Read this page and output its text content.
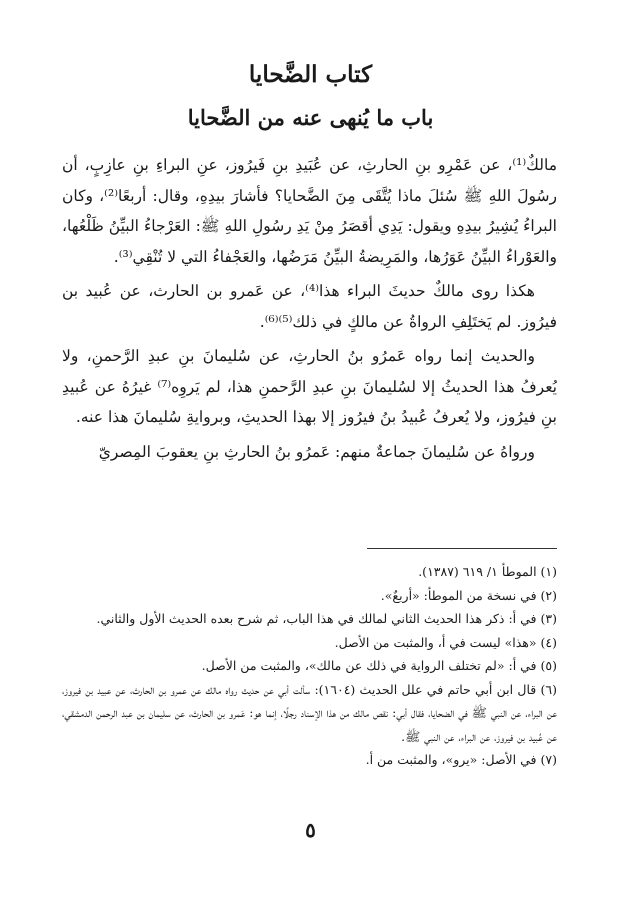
كتاب الضَّحايا
باب ما يُنهى عنه من الضَّحايا

مالكٌ⁽¹⁾، عن عَمْرِو بنِ الحارثِ، عن عُبَيدِ بنِ فَيرُوز، عنِ البراءِ بنِ عازِبٍ، أن رسُولَ اللهِ ﷺ سُئلَ ماذا يُتَّقَى مِنَ الضَّحايا؟ فأشارَ بيدِهِ، وقال: أربعًا⁽²⁾، وكان البراءُ يُشِيرُ بيدِهِ ويقول: يَدِي أقصَرُ مِنْ يَدِ رسُولِ اللهِ ﷺ: العَرْجاءُ البيِّنُ ظَلْعُها، والعَوْراءُ البيِّنُ عَوَرُها، والمَرِيضةُ البيِّنُ مَرَضُها، والعَجْفاءُ التي لا تُنْقِي⁽³⁾.

هكذا روى مالكٌ حديثَ البراء هذا⁽⁴⁾، عن عَمرو بن الحارث، عن عُبيد بن فيرُوز. لم يَختَلِفِ الرواةُ عن مالكٍ في ذلك⁽⁵⁾⁽⁶⁾.

والحديث إنما رواه عَمرُو بنُ الحارثِ، عن سُليمانَ بنِ عبدِ الرَّحمنِ، ولا يُعرفُ هذا الحديثُ إلا لسُليمانَ بنِ عبدِ الرَّحمنِ هذا، لم يَروِه⁽⁷⁾ غيرُهُ عن عُبيدِ بنِ فيرُوز، ولا يُعرفُ عُبيدُ بنُ فيرُوز إلا بهذا الحديثِ، وبروايةِ سُليمانَ هذا عنه.

ورواهُ عن سُليمانَ جماعةٌ منهم: عَمرُو بنُ الحارثِ بنِ يعقوبَ المِصريّ

(١) الموطأ ١/ ٦١٩ (١٣٨٧).
(٢) في نسخة من الموطأ: «أربعٌ».
(٣) في أ: ذكر هذا الحديث الثاني لمالك في هذا الباب، ثم شرح بعده الحديث الأول والثاني.
(٤) «هذا» ليست في أ، والمثبت من الأصل.
(٥) في أ: «لم تختلف الرواية في ذلك عن مالك»، والمثبت من الأصل.
(٦) قال ابن أبي حاتم في علل الحديث (١٦٠٤): سألت أبي عن حديث رواه مالك عن عمرو بن الحارث، عن عبيد بن فيروز، عن البراء، عن النبي ﷺ في الضحايا، فقال أبي: نقص مالك من هذا الإسناد رجلًا، إنما هو: عَمرو بن الحارث، عن سليمان بن عبد الرحمن الدمشقي، عن عُبيد بن فيروز، عن البراء، عن النبي ﷺ.
(٧) في الأصل: «يرو»، والمثبت من أ.
٥
